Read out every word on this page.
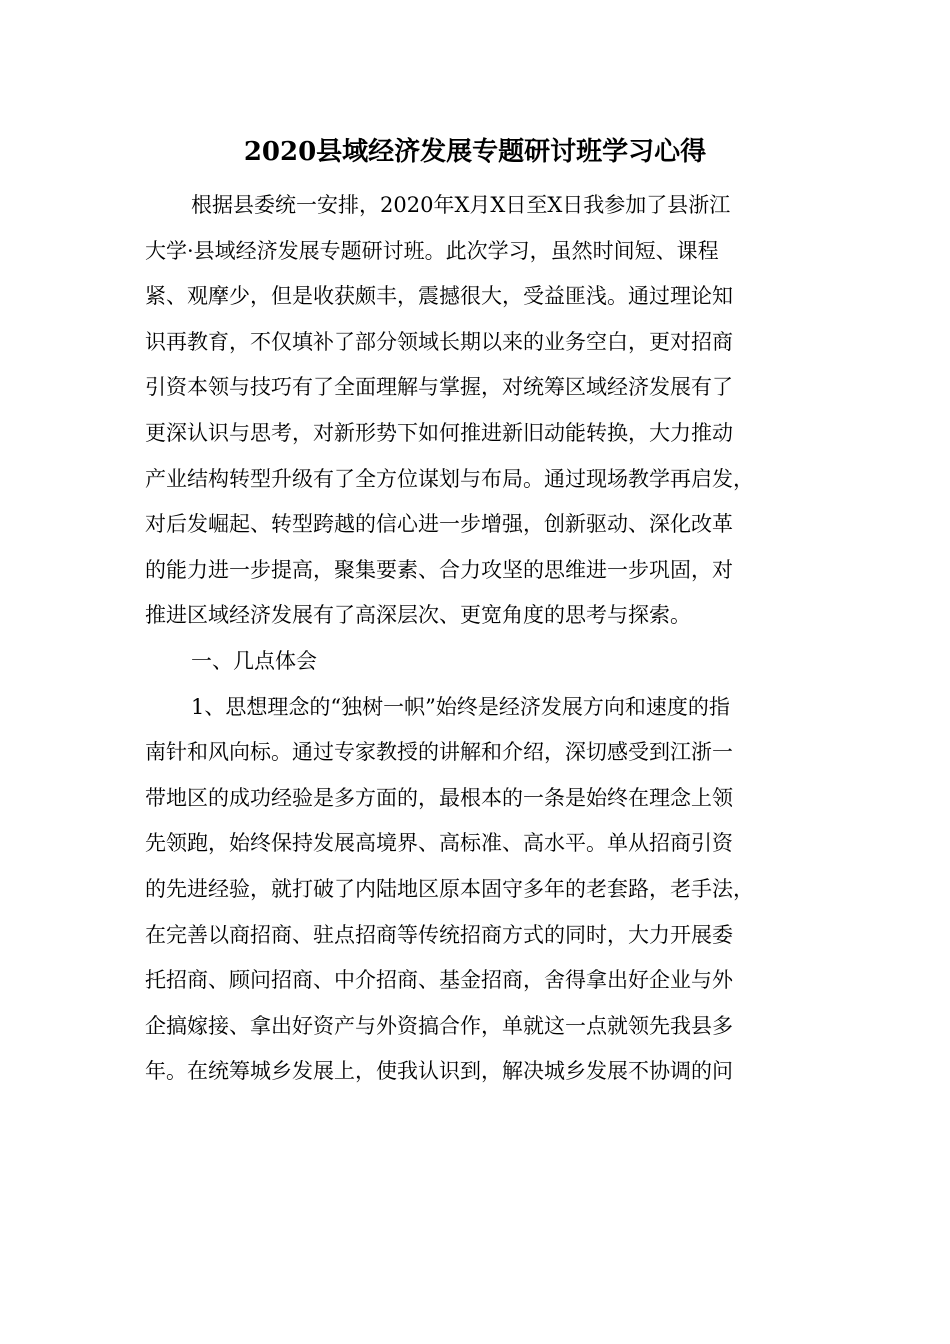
2020县域经济发展专题研讨班学习心得
根据县委统一安排，2020年X月X日至X日我参加了县浙江
大学·县域经济发展专题研讨班。此次学习，虽然时间短、课程
紧、观摩少，但是收获颇丰，震撼很大，受益匪浅。通过理论知
识再教育，不仅填补了部分领域长期以来的业务空白，更对招商
引资本领与技巧有了全面理解与掌握，对统筹区域经济发展有了
更深认识与思考，对新形势下如何推进新旧动能转换，大力推动
产业结构转型升级有了全方位谋划与布局。通过现场教学再启发，
对后发崛起、转型跨越的信心进一步增强，创新驱动、深化改革
的能力进一步提高，聚集要素、合力攻坚的思维进一步巩固，对
推进区域经济发展有了高深层次、更宽角度的思考与探索。
一、几点体会
1、思想理念的“独树一帜”始终是经济发展方向和速度的指
南针和风向标。通过专家教授的讲解和介绍，深切感受到江浙一
带地区的成功经验是多方面的，最根本的一条是始终在理念上领
先领跑，始终保持发展高境界、高标准、高水平。单从招商引资
的先进经验，就打破了内陆地区原本固守多年的老套路，老手法，
在完善以商招商、驻点招商等传统招商方式的同时，大力开展委
托招商、顾问招商、中介招商、基金招商，舍得拿出好企业与外
企搞嫁接、拿出好资产与外资搞合作，单就这一点就领先我县多
年。在统筹城乡发展上，使我认识到，解决城乡发展不协调的问
